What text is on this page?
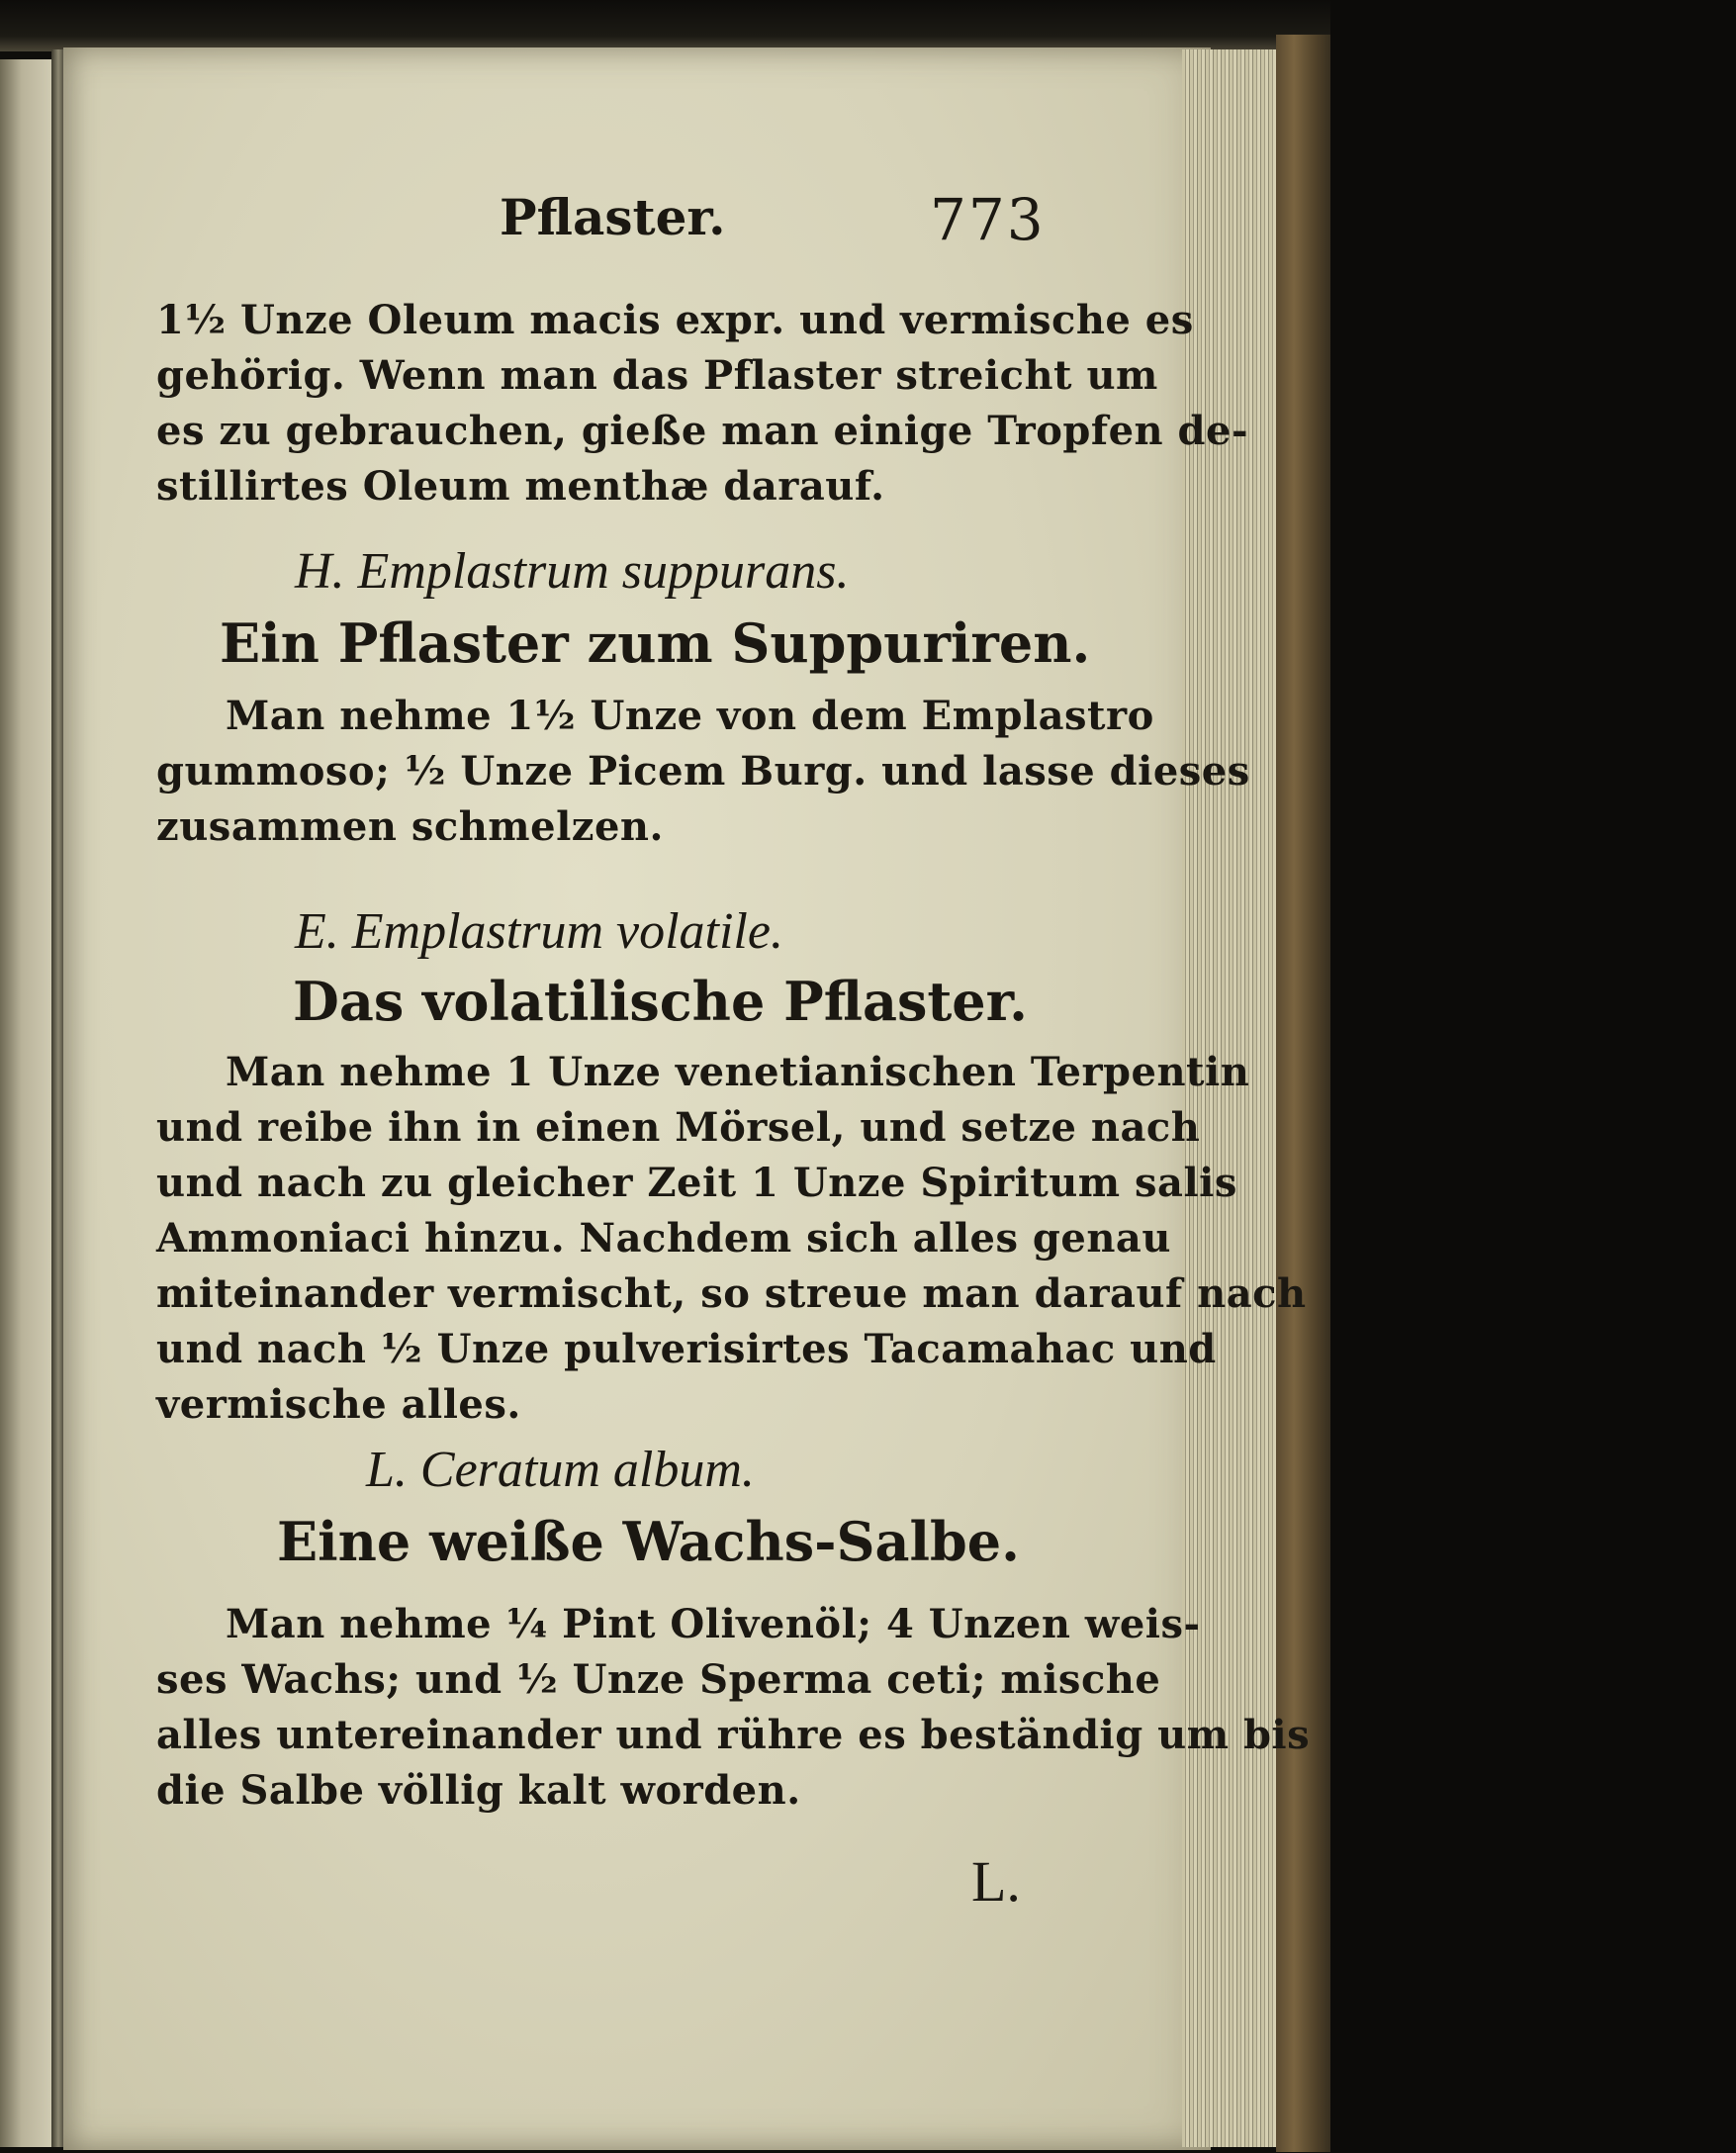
Pflaster.	773
1½ Unze Oleum macis expr. und vermische es
gehörig. Wenn man das Pflaster streicht um
es zu gebrauchen, gieße man einige Tropfen de-
stillirtes Oleum menthæ darauf.
H. Emplastrum suppurans.
Ein Pflaster zum Suppuriren.
Man nehme 1½ Unze von dem Emplastro
gummoso; ½ Unze Picem Burg. und lasse dieses
zusammen schmelzen.
E. Emplastrum volatile.
Das volatilische Pflaster.
Man nehme 1 Unze venetianischen Terpentin
und reibe ihn in einen Mörsel, und setze nach
und nach zu gleicher Zeit 1 Unze Spiritum salis
Ammoniaci hinzu. Nachdem sich alles genau
miteinander vermischt, so streue man darauf nach
und nach ½ Unze pulverisirtes Tacamahac und
vermische alles.
L. Ceratum album.
Eine weiße Wachs-Salbe.
Man nehme ¼ Pint Olivenöl; 4 Unzen weis-
ses Wachs; und ½ Unze Sperma ceti; mische
alles untereinander und rühre es beständig um bis
die Salbe völlig kalt worden.
L.
